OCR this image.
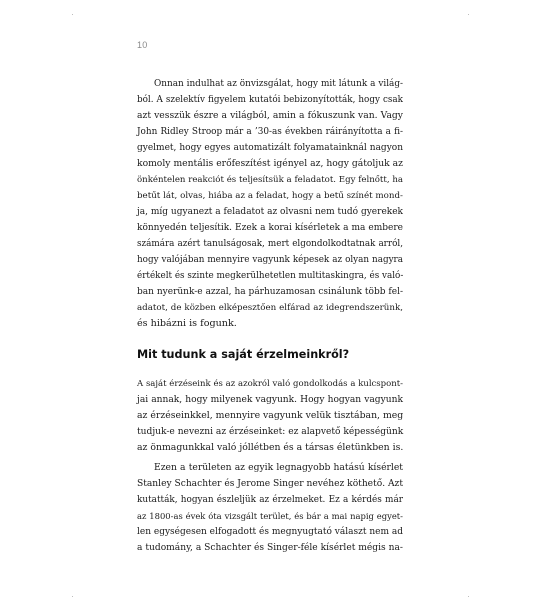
10
Onnan indulhat az önvizsgálat, hogy mit látunk a világ-
ból. A szelektív figyelem kutatói bebizonyították, hogy csak
azt vesszük észre a világból, amin a fókuszunk van. Vagy
John Ridley Stroop már a ’30-as években ráirányította a fi-
gyelmet, hogy egyes automatizált folyamatainknál nagyon
komoly mentális erőfeszítést igényel az, hogy gátoljuk az
önkéntelen reakciót és teljesítsük a feladatot. Egy felnőtt, ha
betűt lát, olvas, hiába az a feladat, hogy a betű színét mond-
ja, míg ugyanezt a feladatot az olvasni nem tudó gyerekek
könnyedén teljesítik. Ezek a korai kísérletek a ma embere
számára azért tanulságosak, mert elgondolkodtatnak arról,
hogy valójában mennyire vagyunk képesek az olyan nagyra
értékelt és szinte megkerülhetetlen multitaskingra, és való-
ban nyerünk-e azzal, ha párhuzamosan csinálunk több fel-
adatot, de közben elképesztően elfárad az idegrendszerünk,
és hibázni is fogunk.
Mit tudunk a saját érzelmeinkről?
A saját érzéseink és az azokról való gondolkodás a kulcspont-
jai annak, hogy milyenek vagyunk. Hogy hogyan vagyunk
az érzéseinkkel, mennyire vagyunk velük tisztában, meg
tudjuk-e nevezni az érzéseinket: ez alapvető képességünk
az önmagunkkal való jóllétben és a társas életünkben is.
Ezen a területen az egyik legnagyobb hatású kísérlet
Stanley Schachter és Jerome Singer nevéhez köthető. Azt
kutatták, hogyan észleljük az érzelmeket. Ez a kérdés már
az 1800-as évek óta vizsgált terület, és bár a mai napig egyet-
len egységesen elfogadott és megnyugtató választ nem ad
a tudomány, a Schachter és Singer-féle kísérlet mégis na-
